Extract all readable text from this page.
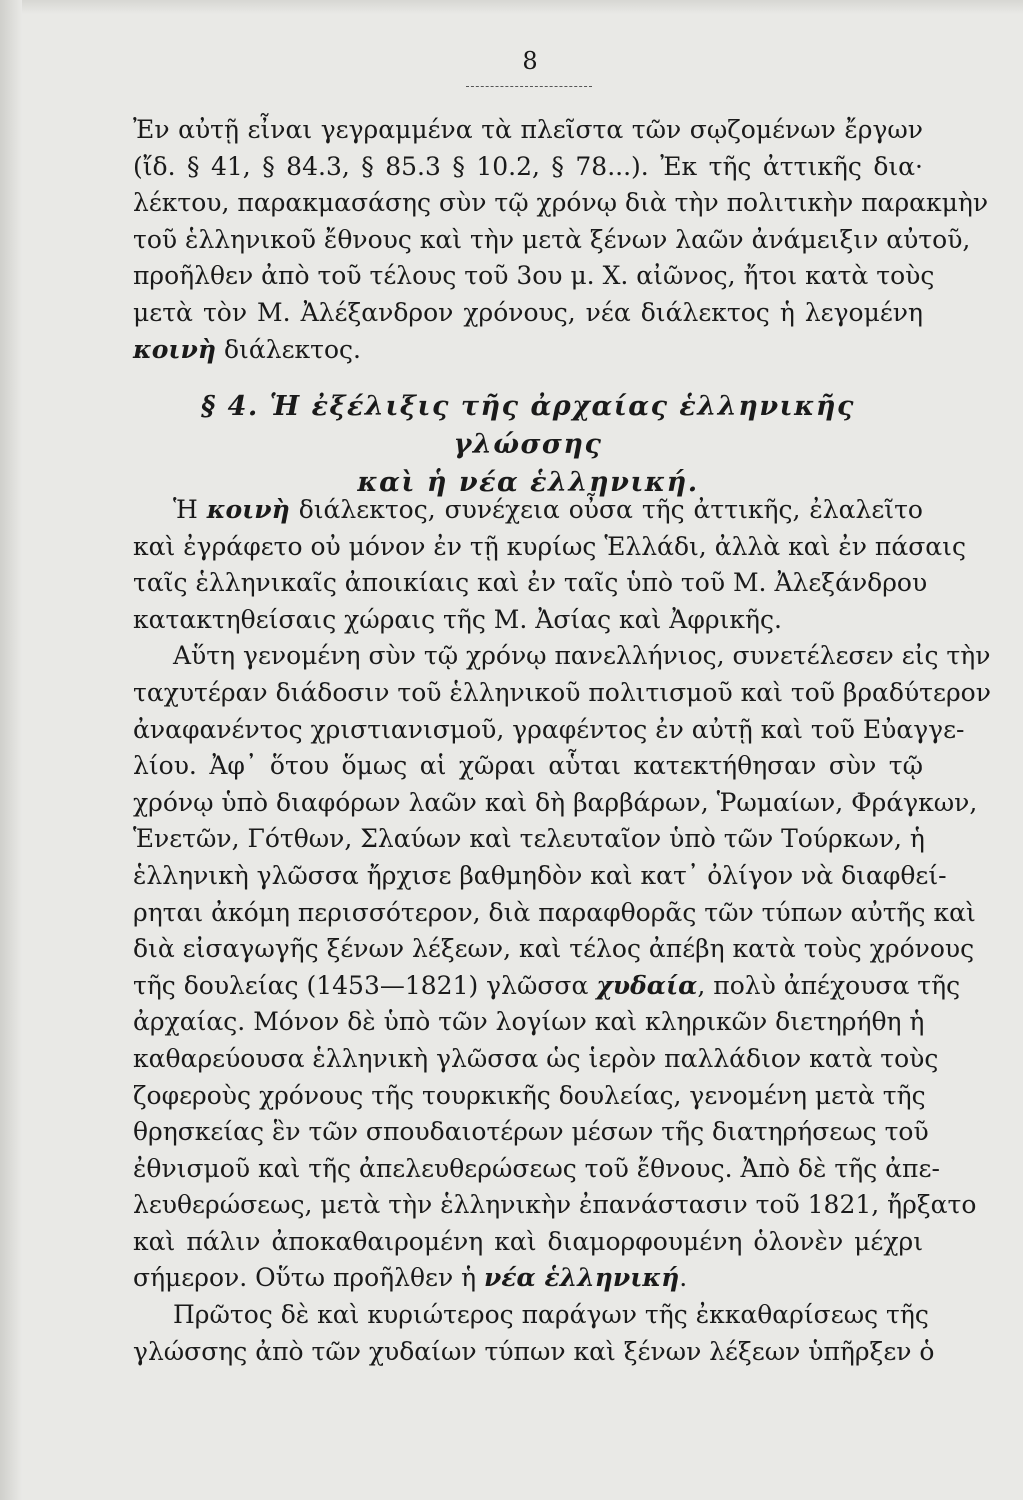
8
Ἐν αὐτῇ εἶναι γεγραμμένα τὰ πλεῖστα τῶν σῳζομένων ἔργων
(ἴδ. § 41, § 84.3, § 85.3 § 10.2, § 78...). Ἐκ τῆς ἀττικῆς δια·
λέκτου, παρακμασάσης σὺν τῷ χρόνῳ διὰ τὴν πολιτικὴν παρακμὴν
τοῦ ἑλληνικοῦ ἔθνους καὶ τὴν μετὰ ξένων λαῶν ἀνάμειξιν αὐτοῦ,
προῆλθεν ἀπὸ τοῦ τέλους τοῦ 3ου μ. Χ. αἰῶνος, ἤτοι κατὰ τοὺς
μετὰ τὸν Μ. Ἀλέξανδρον χρόνους, νέα διάλεκτος ἡ λεγομένη
κοινὴ διάλεκτος.
§ 4. Ἡ ἐξέλιξις τῆς ἀρχαίας ἑλληνικῆς γλώσσης
καὶ ἡ νέα ἑλληνική.
Ἡ κοινὴ διάλεκτος, συνέχεια οὖσα τῆς ἀττικῆς, ἐλαλεῖτο
καὶ ἐγράφετο οὐ μόνον ἐν τῇ κυρίως Ἑλλάδι, ἀλλὰ καὶ ἐν πάσαις
ταῖς ἑλληνικαῖς ἀποικίαις καὶ ἐν ταῖς ὑπὸ τοῦ Μ. Ἀλεξάνδρου
κατακτηθείσαις χώραις τῆς Μ. Ἀσίας καὶ Ἀφρικῆς.
Αὕτη γενομένη σὺν τῷ χρόνῳ πανελλήνιος, συνετέλεσεν εἰς τὴν
ταχυτέραν διάδοσιν τοῦ ἑλληνικοῦ πολιτισμοῦ καὶ τοῦ βραδύτερον
ἀναφανέντος χριστιανισμοῦ, γραφέντος ἐν αὐτῇ καὶ τοῦ Εὐαγγε-
λίου. Ἀφ᾽ ὅτου ὅμως αἱ χῶραι αὗται κατεκτήθησαν σὺν τῷ
χρόνῳ ὑπὸ διαφόρων λαῶν καὶ δὴ βαρβάρων, Ῥωμαίων, Φράγκων,
Ἑνετῶν, Γότθων, Σλαύων καὶ τελευταῖον ὑπὸ τῶν Τούρκων, ἡ
ἑλληνικὴ γλῶσσα ἤρχισε βαθμηδὸν καὶ κατ᾽ ὀλίγον νὰ διαφθεί-
ρηται ἀκόμη περισσότερον, διὰ παραφθορᾶς τῶν τύπων αὐτῆς καὶ
διὰ εἰσαγωγῆς ξένων λέξεων, καὶ τέλος ἀπέβη κατὰ τοὺς χρόνους
τῆς δουλείας (1453—1821) γλῶσσα χυδαία, πολὺ ἀπέχουσα τῆς
ἀρχαίας. Μόνον δὲ ὑπὸ τῶν λογίων καὶ κληρικῶν διετηρήθη ἡ
καθαρεύουσα ἑλληνικὴ γλῶσσα ὡς ἱερὸν παλλάδιον κατὰ τοὺς
ζοφεροὺς χρόνους τῆς τουρκικῆς δουλείας, γενομένη μετὰ τῆς
θρησκείας ἓν τῶν σπουδαιοτέρων μέσων τῆς διατηρήσεως τοῦ
ἐθνισμοῦ καὶ τῆς ἀπελευθερώσεως τοῦ ἔθνους. Ἀπὸ δὲ τῆς ἀπε-
λευθερώσεως, μετὰ τὴν ἑλληνικὴν ἐπανάστασιν τοῦ 1821, ἤρξατο
καὶ πάλιν ἀποκαθαιρομένη καὶ διαμορφουμένη ὁλονὲν μέχρι
σήμερον. Οὕτω προῆλθεν ἡ νέα ἑλληνική.
Πρῶτος δὲ καὶ κυριώτερος παράγων τῆς ἐκκαθαρίσεως τῆς
γλώσσης ἀπὸ τῶν χυδαίων τύπων καὶ ξένων λέξεων ὑπῆρξεν ὁ
